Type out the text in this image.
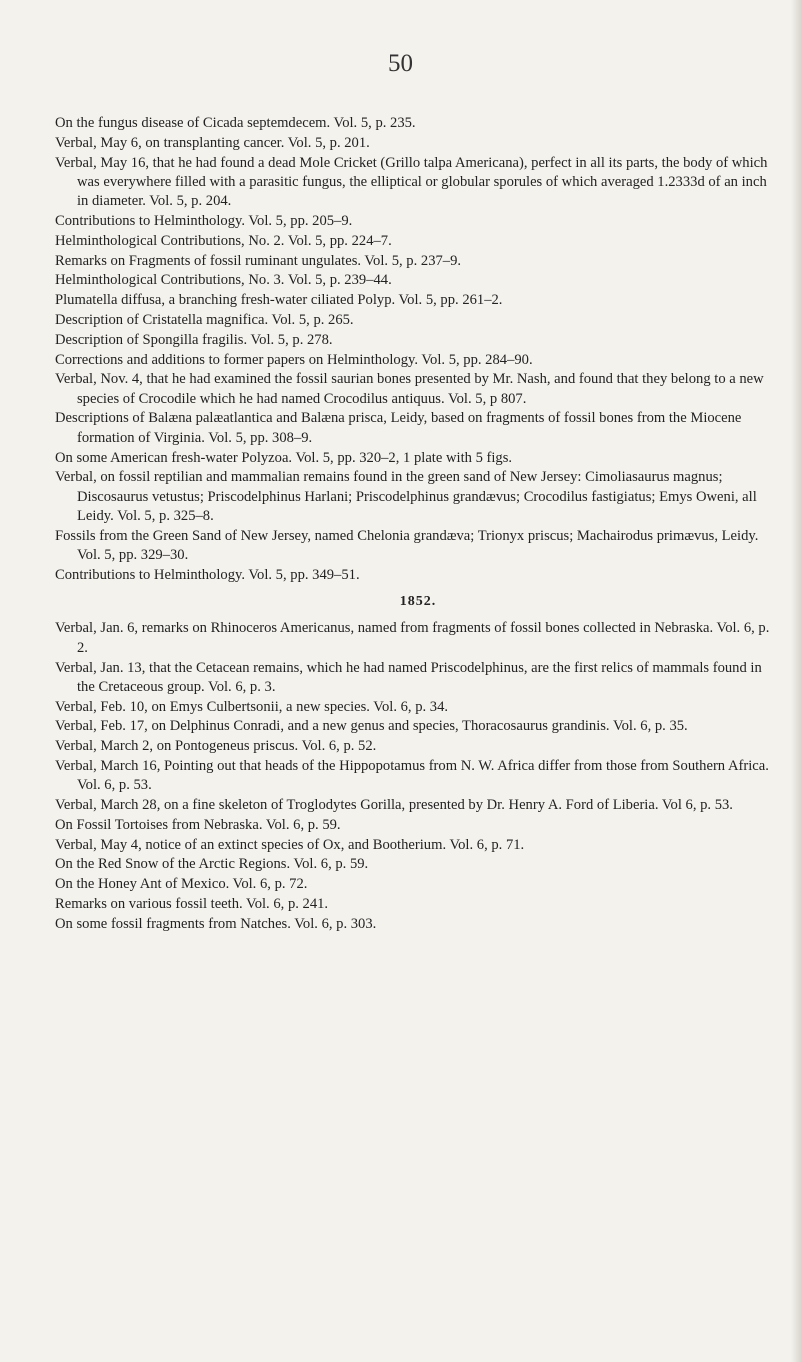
50

On the fungus disease of Cicada septemdecem. Vol. 5, p. 235.

Verbal, May 6, on transplanting cancer. Vol. 5, p. 201.

Verbal, May 16, that he had found a dead Mole Cricket (Grillo talpa Americana), perfect in all its parts, the body of which was everywhere filled with a parasitic fungus, the elliptical or globular sporules of which averaged 1.2333d of an inch in diameter. Vol. 5, p. 204.

Contributions to Helminthology. Vol. 5, pp. 205–9.

Helminthological Contributions, No. 2. Vol. 5, pp. 224–7.

Remarks on Fragments of fossil ruminant ungulates. Vol. 5, p. 237–9.

Helminthological Contributions, No. 3. Vol. 5, p. 239–44.

Plumatella diffusa, a branching fresh-water ciliated Polyp. Vol. 5, pp. 261–2.

Description of Cristatella magnifica. Vol. 5, p. 265.

Description of Spongilla fragilis. Vol. 5, p. 278.

Corrections and additions to former papers on Helminthology. Vol. 5, pp. 284–90.

Verbal, Nov. 4, that he had examined the fossil saurian bones presented by Mr. Nash, and found that they belong to a new species of Crocodile which he had named Crocodilus antiquus. Vol. 5, p 807.

Descriptions of Balæna palæatlantica and Balæna prisca, Leidy, based on fragments of fossil bones from the Miocene formation of Virginia. Vol. 5, pp. 308–9.

On some American fresh-water Polyzoa. Vol. 5, pp. 320–2, 1 plate with 5 figs.

Verbal, on fossil reptilian and mammalian remains found in the green sand of New Jersey: Cimoliasaurus magnus; Discosaurus vetustus; Priscodelphinus Harlani; Priscodelphinus grandævus; Crocodilus fastigiatus; Emys Oweni, all Leidy. Vol. 5, p. 325–8.

Fossils from the Green Sand of New Jersey, named Chelonia grandæva; Trionyx priscus; Machairodus primævus, Leidy. Vol. 5, pp. 329–30.

Contributions to Helminthology. Vol. 5, pp. 349–51.

1852.

Verbal, Jan. 6, remarks on Rhinoceros Americanus, named from fragments of fossil bones collected in Nebraska. Vol. 6, p. 2.

Verbal, Jan. 13, that the Cetacean remains, which he had named Priscodelphinus, are the first relics of mammals found in the Cretaceous group. Vol. 6, p. 3.

Verbal, Feb. 10, on Emys Culbertsonii, a new species. Vol. 6, p. 34.

Verbal, Feb. 17, on Delphinus Conradi, and a new genus and species, Thoracosaurus grandinis. Vol. 6, p. 35.

Verbal, March 2, on Pontogeneus priscus. Vol. 6, p. 52.

Verbal, March 16, Pointing out that heads of the Hippopotamus from N. W. Africa differ from those from Southern Africa. Vol. 6, p. 53.

Verbal, March 28, on a fine skeleton of Troglodytes Gorilla, presented by Dr. Henry A. Ford of Liberia. Vol 6, p. 53.

On Fossil Tortoises from Nebraska. Vol. 6, p. 59.

Verbal, May 4, notice of an extinct species of Ox, and Bootherium. Vol. 6, p. 71.

On the Red Snow of the Arctic Regions. Vol. 6, p. 59.

On the Honey Ant of Mexico. Vol. 6, p. 72.

Remarks on various fossil teeth. Vol. 6, p. 241.

On some fossil fragments from Natches. Vol. 6, p. 303.
